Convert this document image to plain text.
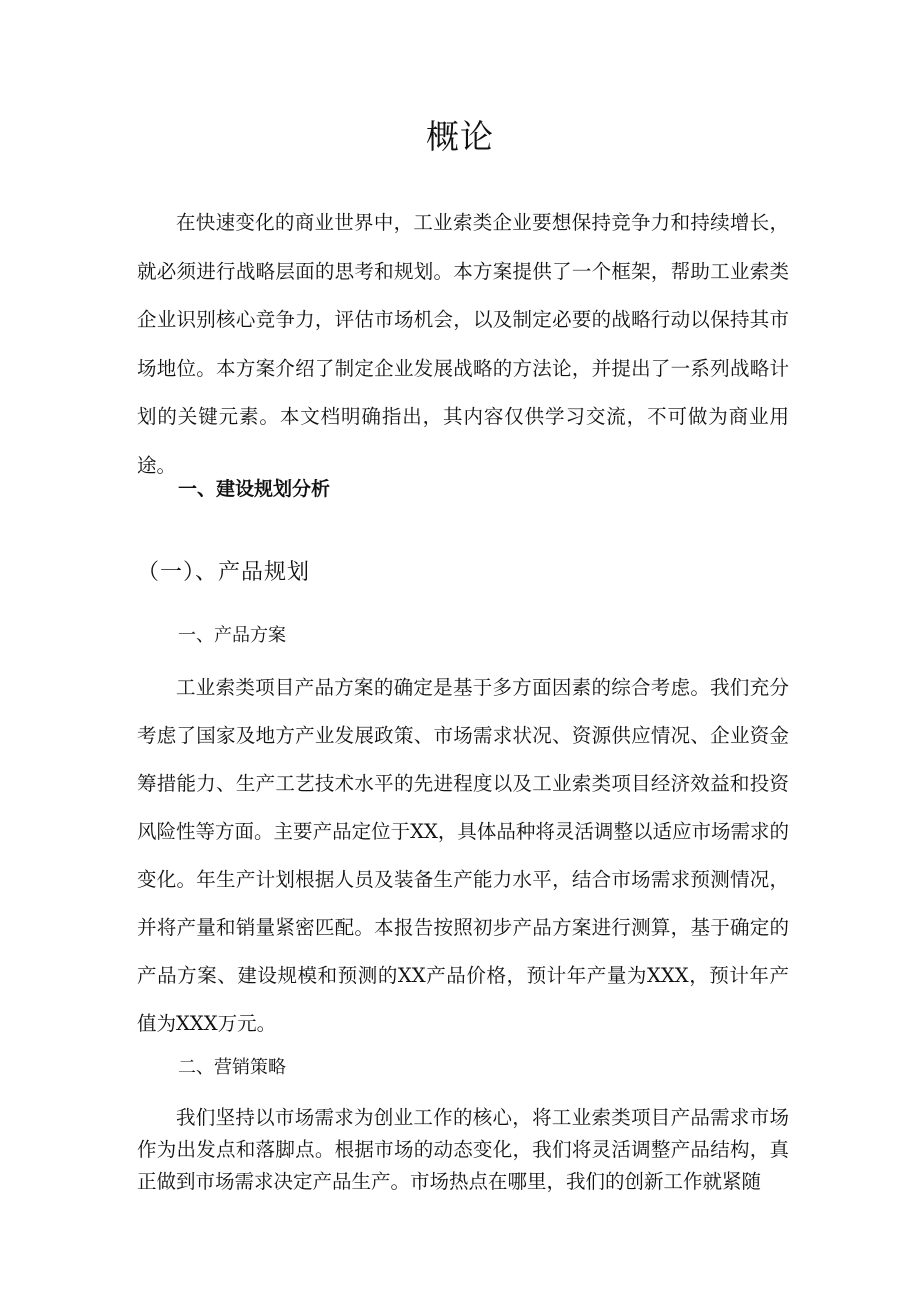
概论

在快速变化的商业世界中，工业索类企业要想保持竞争力和持续增长，就必须进行战略层面的思考和规划。本方案提供了一个框架，帮助工业索类企业识别核心竞争力，评估市场机会，以及制定必要的战略行动以保持其市场地位。本方案介绍了制定企业发展战略的方法论，并提出了一系列战略计划的关键元素。本文档明确指出，其内容仅供学习交流，不可做为商业用途。

一、建设规划分析
（一）、产品规划
一、产品方案

工业索类项目产品方案的确定是基于多方面因素的综合考虑。我们充分考虑了国家及地方产业发展政策、市场需求状况、资源供应情况、企业资金筹措能力、生产工艺技术水平的先进程度以及工业索类项目经济效益和投资风险性等方面。主要产品定位于XX，具体品种将灵活调整以适应市场需求的变化。年生产计划根据人员及装备生产能力水平，结合市场需求预测情况，并将产量和销量紧密匹配。本报告按照初步产品方案进行测算，基于确定的产品方案、建设规模和预测的XX产品价格，预计年产量为XXX，预计年产值为XXX万元。

二、营销策略

我们坚持以市场需求为创业工作的核心，将工业索类项目产品需求市场作为出发点和落脚点。根据市场的动态变化，我们将灵活调整产品结构，真正做到市场需求决定产品生产。市场热点在哪里，我们的创新工作就紧随
